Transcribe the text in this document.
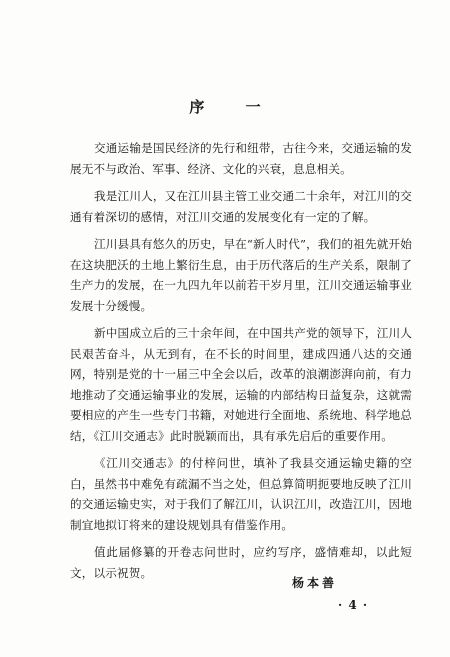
序 一

交通运输是国民经济的先行和纽带，古往今来，交通运输的发展无不与政治、军事、经济、文化的兴衰，息息相关。

我是江川人，又在江川县主管工业交通二十余年，对江川的交通有着深切的感情，对江川交通的发展变化有一定的了解。

江川县具有悠久的历史，早在“新人时代”，我们的祖先就开始在这块肥沃的土地上繁衍生息，由于历代落后的生产关系，限制了生产力的发展，在一九四九年以前若干岁月里，江川交通运输事业发展十分缓慢。

新中国成立后的三十余年间，在中国共产党的领导下，江川人民艰苦奋斗，从无到有，在不长的时间里，建成四通八达的交通网，特别是党的十一届三中全会以后，改革的浪潮澎湃向前，有力地推动了交通运输事业的发展，运输的内部结构日益复杂，这就需要相应的产生一些专门书籍，对她进行全面地、系统地、科学地总结，《江川交通志》此时脱颖而出，具有承先启后的重要作用。

《江川交通志》的付梓问世，填补了我县交通运输史籍的空白，虽然书中难免有疏漏不当之处，但总算简明扼要地反映了江川的交通运输史实，对于我们了解江川，认识江川，改造江川，因地制宜地拟订将来的建设规划具有借鉴作用。

值此届修纂的开卷志问世时，应约写序，盛情难却，以此短文，以示祝贺。

杨本善
· 4 ·
